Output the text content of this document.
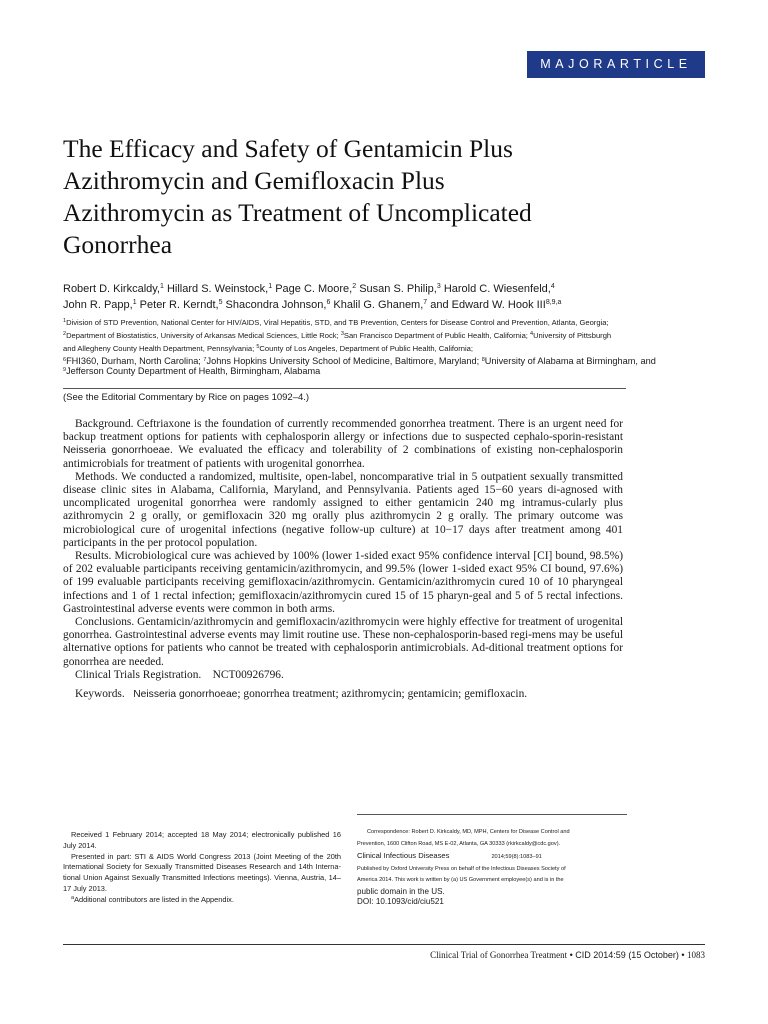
MAJORARTICLE
The Efficacy and Safety of Gentamicin Plus
Azithromycin and Gemifloxacin Plus
Azithromycin as Treatment of Uncomplicated
Gonorrhea
Robert D. Kirkcaldy,$^1$ Hillard S. Weinstock,$^1$ Page C. Moore,$^2$ Susan S. Philip,$^3$ Harold C. Wiesenfeld,$^4$
John R. Papp,$^1$ Peter R. Kerndt,$^5$ Shacondra Johnson,$^6$ Khalil G. Ghanem,$^7$ and Edward W. Hook III$^{8,9,a}$
$^1$Division of STD Prevention, National Center for HIV/AIDS, Viral Hepatitis, STD, and TB Prevention, Centers for Disease Control and Prevention, Atlanta, Georgia;
$^2$Department of Biostatistics, University of Arkansas Medical Sciences, Little Rock; $^3$San Francisco Department of Public Health, California; $^4$University of Pittsburgh
and Allegheny County Health Department, Pennsylvania; $^5$County of Los Angeles, Department of Public Health, California;
$^6$FHI360, Durham, North Carolina; $^7$Johns Hopkins University School of Medicine, Baltimore, Maryland; $^8$University of Alabama at Birmingham, and
$^9$Jefferson County Department of Health, Birmingham, Alabama
(See the Editorial Commentary by Rice on pages 1092–4.)

Background. Ceftriaxone is the foundation of currently recommended gonorrhea treatment. There is an urgent need for backup treatment options for patients with cephalosporin allergy or infections due to suspected cephalo-sporin-resistant Neisseria gonorrhoeae. We evaluated the efficacy and tolerability of 2 combinations of existing non-cephalosporin antimicrobials for treatment of patients with urogenital gonorrhea.

Methods. We conducted a randomized, multisite, open-label, noncomparative trial in 5 outpatient sexually transmitted disease clinic sites in Alabama, California, Maryland, and Pennsylvania. Patients aged 15−60 years di-agnosed with uncomplicated urogenital gonorrhea were randomly assigned to either gentamicin 240 mg intramus-cularly plus azithromycin 2 g orally, or gemifloxacin 320 mg orally plus azithromycin 2 g orally. The primary outcome was microbiological cure of urogenital infections (negative follow-up culture) at 10−17 days after treatment among 401 participants in the per protocol population.

Results. Microbiological cure was achieved by 100% (lower 1-sided exact 95% confidence interval [CI] bound, 98.5%) of 202 evaluable participants receiving gentamicin/azithromycin, and 99.5% (lower 1-sided exact 95% CI bound, 97.6%) of 199 evaluable participants receiving gemifloxacin/azithromycin. Gentamicin/azithromycin cured 10 of 10 pharyngeal infections and 1 of 1 rectal infection; gemifloxacin/azithromycin cured 15 of 15 pharyn-geal and 5 of 5 rectal infections. Gastrointestinal adverse events were common in both arms.

Conclusions. Gentamicin/azithromycin and gemifloxacin/azithromycin were highly effective for treatment of urogenital gonorrhea. Gastrointestinal adverse events may limit routine use. These non-cephalosporin-based regi-mens may be useful alternative options for patients who cannot be treated with cephalosporin antimicrobials. Ad-ditional treatment options for gonorrhea are needed.

Clinical Trials Registration.    NCT00926796.

Keywords.   Neisseria gonorrhoeae; gonorrhea treatment; azithromycin; gentamicin; gemifloxacin.

Received 1 February 2014; accepted 18 May 2014; electronically published 16 July 2014.

Presented in part: STI & AIDS World Congress 2013 (Joint Meeting of the 20th International Society for Sexually Transmitted Diseases Research and 14th Interna-tional Union Against Sexually Transmitted Infections meetings). Vienna, Austria, 14–17 July 2013.

$^a$Additional contributors are listed in the Appendix.

Correspondence: Robert D. Kirkcaldy, MD, MPH, Centers for Disease Control and

Prevention, 1600 Clifton Road, MS E-02, Atlanta, GA 30333 (rkirkcaldy@cdc.gov).

Clinical Infectious Diseases	2014;59(8):1083–91

Published by Oxford University Press on behalf of the Infectious Diseases Society of

America 2014. This work is written by (a) US Government employee(s) and is in the

public domain in the US.

DOI: 10.1093/cid/ciu521

Clinical Trial of Gonorrhea Treatment • CID 2014:59 (15 October) • 1083
